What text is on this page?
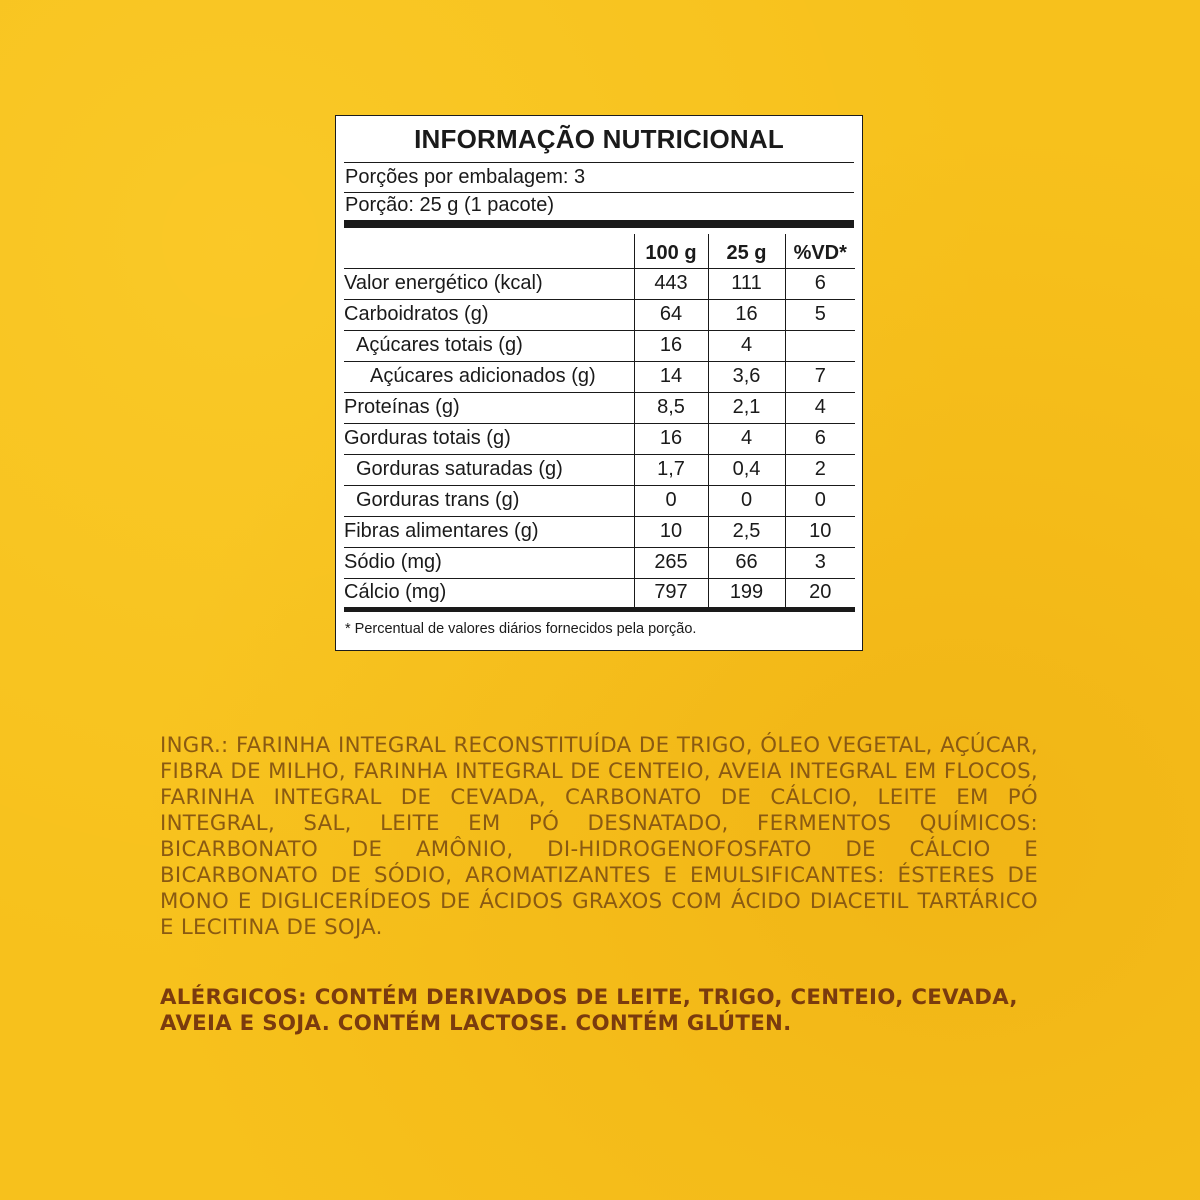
INFORMAÇÃO NUTRICIONAL
Porções por embalagem: 3
Porção: 25 g (1 pacote)
	100 g	25 g	%VD*
Valor energético (kcal)	443	111	6
Carboidratos (g)	64	16	5
Açúcares totais (g)	16	4	
Açúcares adicionados (g)	14	3,6	7
Proteínas (g)	8,5	2,1	4
Gorduras totais (g)	16	4	6
Gorduras saturadas (g)	1,7	0,4	2
Gorduras trans (g)	0	0	0
Fibras alimentares (g)	10	2,5	10
Sódio (mg)	265	66	3
Cálcio (mg)	797	199	20
* Percentual de valores diários fornecidos pela porção.
INGR.: FARINHA INTEGRAL RECONSTITUÍDA DE TRIGO, ÓLEO VEGETAL, AÇÚCAR, FIBRA DE MILHO, FARINHA INTEGRAL DE CENTEIO, AVEIA INTEGRAL EM FLOCOS, FARINHA INTEGRAL DE CEVADA, CARBONATO DE CÁLCIO, LEITE EM PÓ INTEGRAL, SAL, LEITE EM PÓ DESNATADO, FERMENTOS QUÍMICOS: BICARBONATO DE AMÔNIO, DI-HIDROGENOFOSFATO DE CÁLCIO E BICARBONATO DE SÓDIO, AROMATIZANTES E EMULSIFICANTES: ÉSTERES DE MONO E DIGLICERÍDEOS DE ÁCIDOS GRAXOS COM ÁCIDO DIACETIL TARTÁRICO E LECITINA DE SOJA.
ALÉRGICOS: CONTÉM DERIVADOS DE LEITE, TRIGO, CENTEIO, CEVADA, AVEIA E SOJA. CONTÉM LACTOSE. CONTÉM GLÚTEN.
